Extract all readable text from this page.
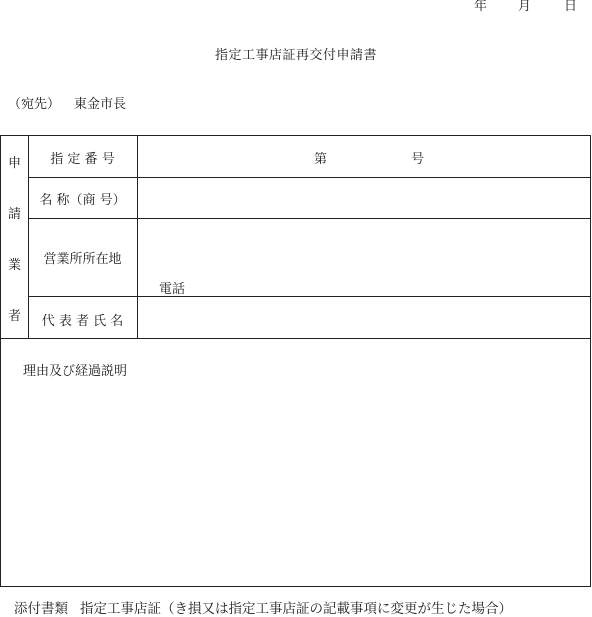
年 月	日
指定工事店証再交付申請書
（宛先） 東金市長
申
請
業
者
指 定 番 号	第	号
名 称（商 号）
営業所所在地
電話
代 表 者 氏 名
理由及び経過説明
添付書類 指定工事店証（き損又は指定工事店証の記載事項に変更が生じた場合）
